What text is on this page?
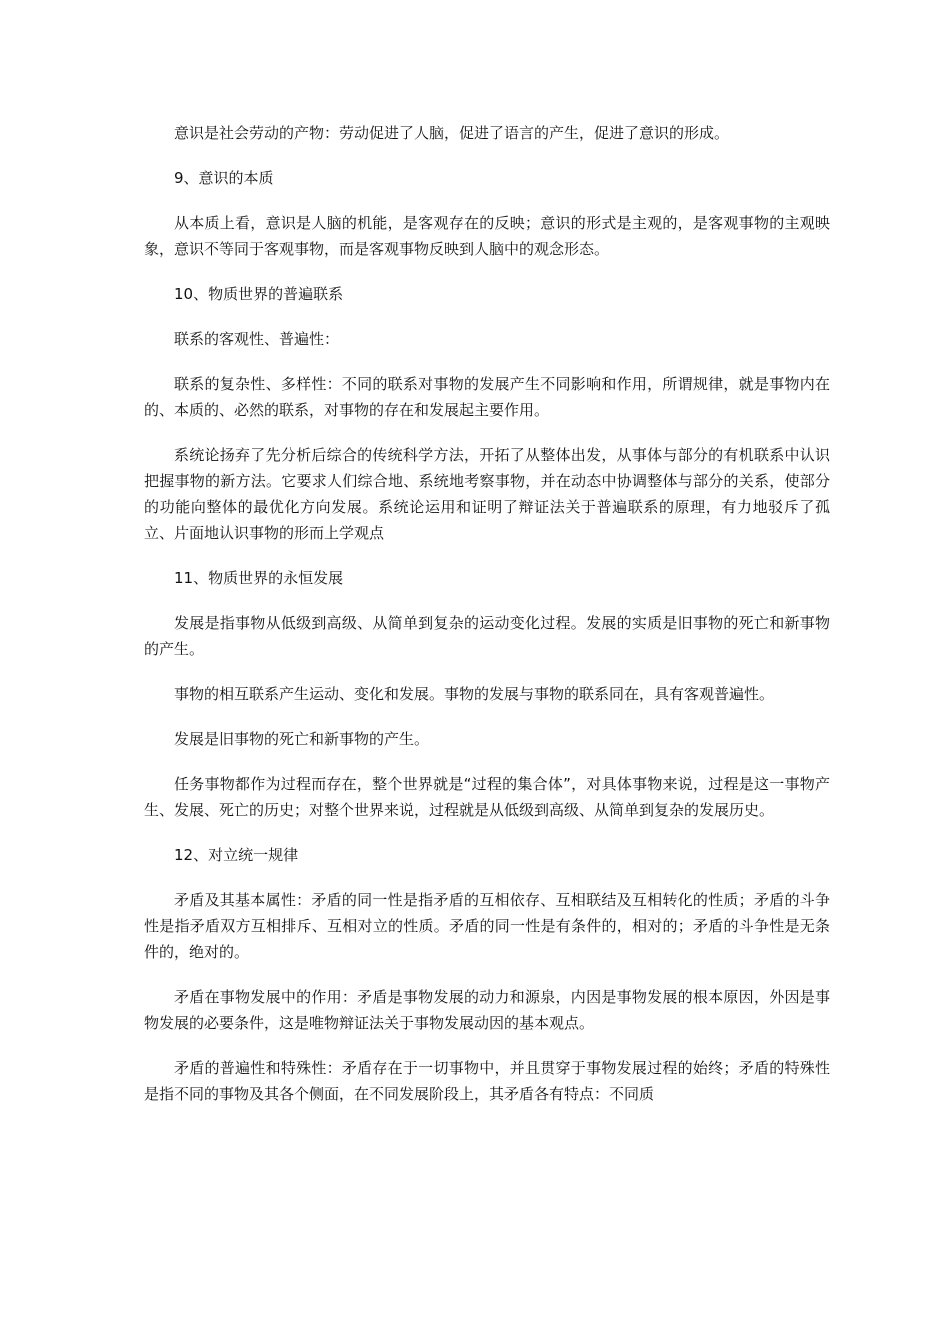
意识是社会劳动的产物：劳动促进了人脑，促进了语言的产生，促进了意识的形成。

9、意识的本质

从本质上看，意识是人脑的机能，是客观存在的反映；意识的形式是主观的，是客观事物的主观映象，意识不等同于客观事物，而是客观事物反映到人脑中的观念形态。

10、物质世界的普遍联系

联系的客观性、普遍性：

联系的复杂性、多样性：不同的联系对事物的发展产生不同影响和作用，所谓规律，就是事物内在的、本质的、必然的联系，对事物的存在和发展起主要作用。

系统论扬弃了先分析后综合的传统科学方法，开拓了从整体出发，从事体与部分的有机联系中认识把握事物的新方法。它要求人们综合地、系统地考察事物，并在动态中协调整体与部分的关系，使部分的功能向整体的最优化方向发展。系统论运用和证明了辩证法关于普遍联系的原理，有力地驳斥了孤立、片面地认识事物的形而上学观点

11、物质世界的永恒发展

发展是指事物从低级到高级、从简单到复杂的运动变化过程。发展的实质是旧事物的死亡和新事物的产生。

事物的相互联系产生运动、变化和发展。事物的发展与事物的联系同在，具有客观普遍性。

发展是旧事物的死亡和新事物的产生。

任务事物都作为过程而存在，整个世界就是“过程的集合体”，对具体事物来说，过程是这一事物产生、发展、死亡的历史；对整个世界来说，过程就是从低级到高级、从简单到复杂的发展历史。

12、对立统一规律

矛盾及其基本属性：矛盾的同一性是指矛盾的互相依存、互相联结及互相转化的性质；矛盾的斗争性是指矛盾双方互相排斥、互相对立的性质。矛盾的同一性是有条件的，相对的；矛盾的斗争性是无条件的，绝对的。

矛盾在事物发展中的作用：矛盾是事物发展的动力和源泉，内因是事物发展的根本原因，外因是事物发展的必要条件，这是唯物辩证法关于事物发展动因的基本观点。

矛盾的普遍性和特殊性：矛盾存在于一切事物中，并且贯穿于事物发展过程的始终；矛盾的特殊性是指不同的事物及其各个侧面，在不同发展阶段上，其矛盾各有特点：不同质
